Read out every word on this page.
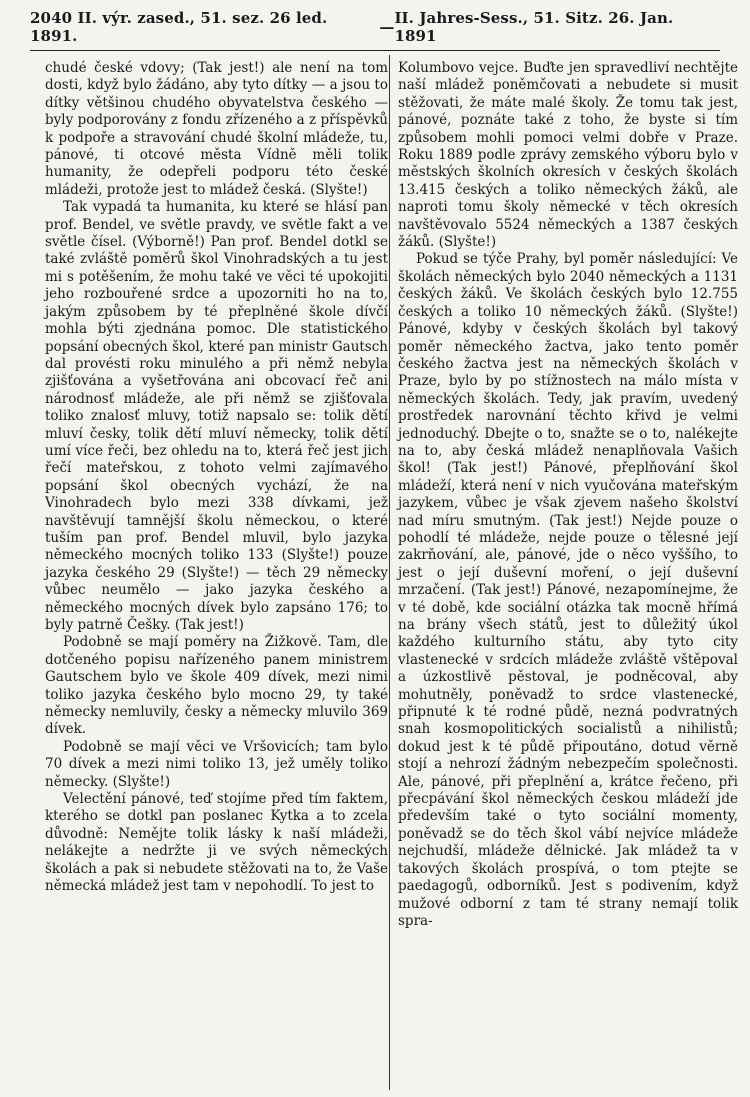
2040 II. výr. zased., 51. sez. 26 led. 1891.	— II. Jahres-Sess., 51. Sitz. 26. Jan. 1891

chudé české vdovy; (Tak jest!) ale není na tom dosti, když bylo žádáno, aby tyto dítky — a jsou to dítky většinou chudého obyvatelstva českého — byly podporovány z fondu zřízeného a z příspěvků k podpoře a stravování chudé školní mládeže, tu, pánové, ti otcové města Vídně měli tolik humanity, že odepřeli podporu této české mládeži, protože jest to mládež česká. (Slyšte!)

Tak vypadá ta humanita, ku které se hlásí pan prof. Bendel, ve světle pravdy, ve světle fakt a ve světle čísel. (Výborně!) Pan prof. Bendel dotkl se také zvláště poměrů škol Vinohradských a tu jest mi s potěšením, že mohu také ve věci té upokojiti jeho rozbouřené srdce a upozorniti ho na to, jakým způsobem by té přeplněné škole dívčí mohla býti zjednána pomoc. Dle statistického popsání obecných škol, které pan ministr Gautsch dal provésti roku minulého a při němž nebyla zjišťována a vyšetřována ani obcovací řeč ani národnosť mládeže, ale při němž se zjišťovala toliko znalosť mluvy, totiž napsalo se: tolik dětí mluví česky, tolik dětí mluví německy, tolik dětí umí více řeči, bez ohledu na to, která řeč jest jich řečí mateřskou, z tohoto velmi zajímavého popsání škol obecných vychází, že na Vinohradech bylo mezi 338 dívkami, jež navštěvují tamnější školu německou, o které tuším pan prof. Bendel mluvil, bylo jazyka německého mocných toliko 133 (Slyšte!) pouze jazyka českého 29 (Slyšte!) — těch 29 německy vůbec neumělo — jako jazyka českého a německého mocných dívek bylo zapsáno 176; to byly patrně Češky. (Tak jest!)

Podobně se mají poměry na Žižkově. Tam, dle dotčeného popisu nařízeného panem ministrem Gautschem bylo ve škole 409 dívek, mezi nimi toliko jazyka českého bylo mocno 29, ty také německy nemluvily, česky a německy mluvilo 369 dívek.

Podobně se mají věci ve Vršovicích; tam bylo 70 dívek a mezi nimi toliko 13, jež uměly toliko německy. (Slyšte!)

Velectění pánové, teď stojíme před tím faktem, kterého se dotkl pan poslanec Kytka a to zcela důvodně: Nemějte tolik lásky k naší mládeži, nelákejte a nedržte ji ve svých německých školách a pak si nebudete stěžovati na to, že Vaše německá mládež jest tam v nepohodlí. To jest to

Kolumbovo vejce. Buďte jen spravedliví nechtějte naší mládež poněmčovati a nebudete si musit stěžovati, že máte malé školy. Že tomu tak jest, pánové, poznáte také z toho, že byste si tím způsobem mohli pomoci velmi dobře v Praze. Roku 1889 podle zprávy zemského výboru bylo v městských školních okresích v českých školách 13.415 českých a toliko německých žáků, ale naproti tomu školy německé v těch okresích navštěvovalo 5524 německých a 1387 českých žáků. (Slyšte!)

Pokud se týče Prahy, byl poměr následující: Ve školách německých bylo 2040 německých a 1131 českých žáků. Ve školách českých bylo 12.755 českých a toliko 10 německých žáků. (Slyšte!) Pánové, kdyby v českých školách byl takový poměr německého žactva, jako tento poměr českého žactva jest na německých školách v Praze, bylo by po stížnostech na málo místa v německých školách. Tedy, jak pravím, uvedený prostředek narovnání těchto křivd je velmi jednoduchý. Dbejte o to, snažte se o to, nalékejte na to, aby česká mládež nenaplňovala Vašich škol! (Tak jest!) Pánové, přeplňování škol mládeží, která není v nich vyučována mateřským jazykem, vůbec je však zjevem našeho školství nad míru smutným. (Tak jest!) Nejde pouze o pohodlí té mládeže, nejde pouze o tělesné její zakrňování, ale, pánové, jde o něco vyššího, to jest o její duševní moření, o její duševní mrzačení. (Tak jest!) Pánové, nezapomínejme, že v té době, kde sociální otázka tak mocně hřímá na brány všech států, jest to důležitý úkol každého kulturního státu, aby tyto city vlastenecké v srdcích mládeže zvláště vštěpoval a úzkostlivě pěstoval, je podněcoval, aby mohutněly, poněvadž to srdce vlastenecké, připnuté k té rodné půdě, nezná podvratných snah kosmopolitických socialistů a nihilistů; dokud jest k té půdě připoutáno, dotud věrně stojí a nehrozí žádným nebezpečím společnosti. Ale, pánové, při přeplnění a, krátce řečeno, při přecpávání škol německých českou mládeží jde především také o tyto sociální momenty, poněvadž se do těch škol vábí nejvíce mládeže nejchudší, mládeže dělnické. Jak mládež ta v takových školách prospívá, o tom ptejte se paedagogů, odborníků. Jest s podivením, když mužové odborní z tam té strany nemají tolik spra-
